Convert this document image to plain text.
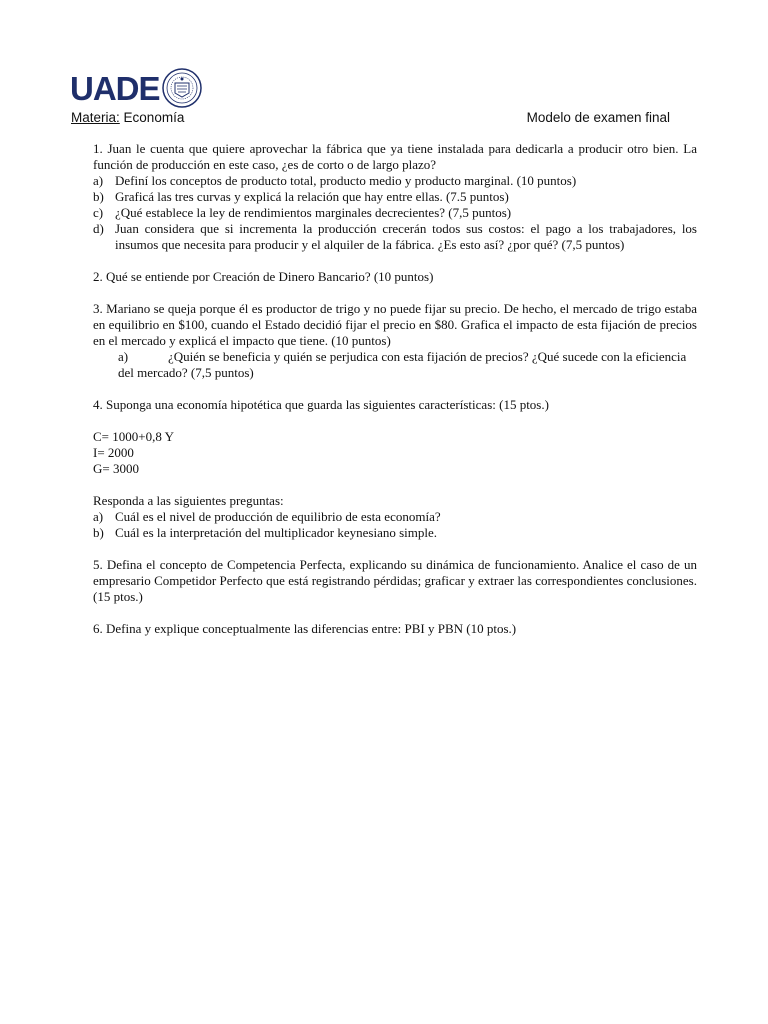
UADE
Materia: Economía	Modelo de examen final

1. Juan le cuenta que quiere aprovechar la fábrica que ya tiene instalada para dedicarla a producir otro bien. La función de producción en este caso, ¿es de corto o de largo plazo?

a) Definí los conceptos de producto total, producto medio y producto marginal. (10 puntos)
b) Graficá las tres curvas y explicá la relación que hay entre ellas. (7.5 puntos)
c) ¿Qué establece la ley de rendimientos marginales decrecientes? (7,5 puntos)
d) Juan considera que si incrementa la producción crecerán todos sus costos: el pago a los trabajadores, los insumos que necesita para producir y el alquiler de la fábrica. ¿Es esto así? ¿por qué? (7,5 puntos)

2. Qué se entiende por Creación de Dinero Bancario? (10 puntos)

3. Mariano se queja porque él es productor de trigo y no puede fijar su precio. De hecho, el mercado de trigo estaba en equilibrio en $100, cuando el Estado decidió fijar el precio en $80. Grafica el impacto de esta fijación de precios en el mercado y explicá el impacto que tiene. (10 puntos)

a)	¿Quién se beneficia y quién se perjudica con esta fijación de precios? ¿Qué sucede con la eficiencia

del mercado? (7,5 puntos)

4. Suponga una economía hipotética que guarda las siguientes características: (15 ptos.)

C= 1000+0,8 Y

I= 2000

G= 3000

Responda a las siguientes preguntas:

a) Cuál es el nivel de producción de equilibrio de esta economía?
b) Cuál es la interpretación del multiplicador keynesiano simple.

5. Defina el concepto de Competencia Perfecta, explicando su dinámica de funcionamiento. Analice el caso de un empresario Competidor Perfecto que está registrando pérdidas; graficar y extraer las correspondientes conclusiones. (15 ptos.)

6. Defina y explique conceptualmente las diferencias entre: PBI y PBN (10 ptos.)
